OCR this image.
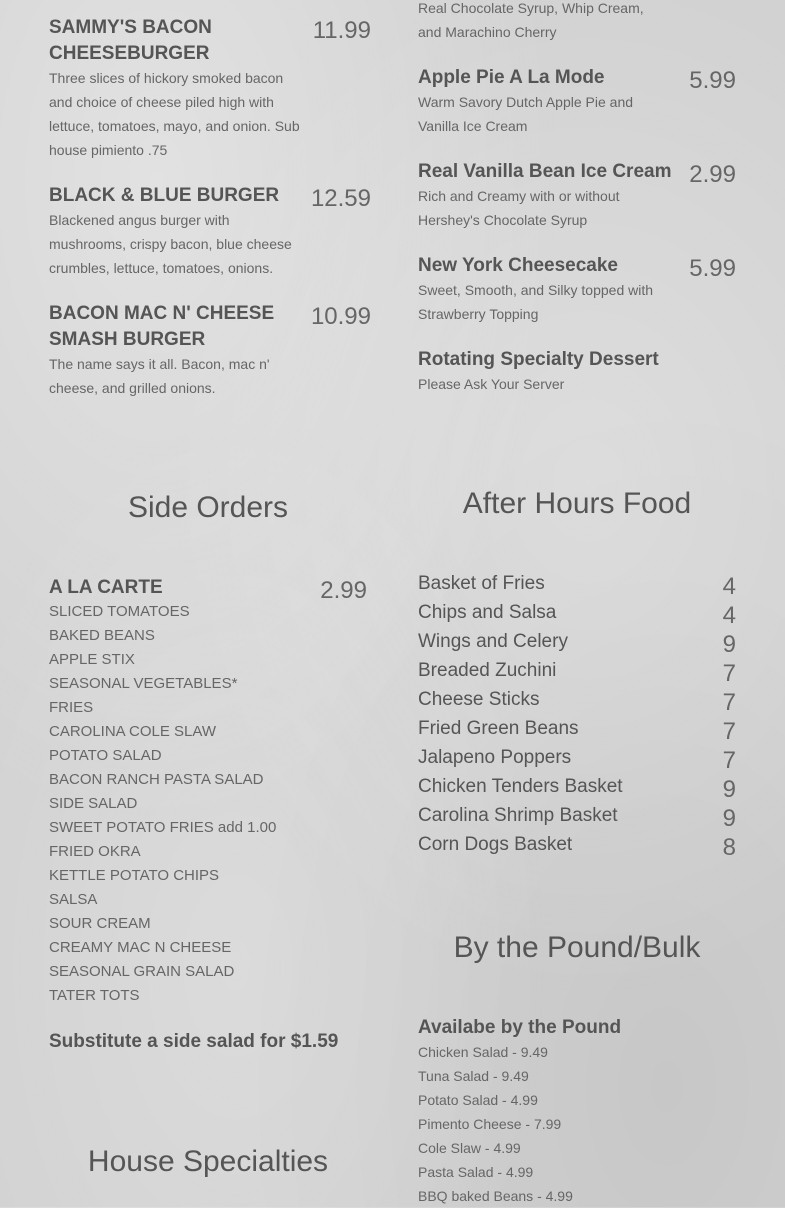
SAMMY'S BACON
CHEESEBURGER
11.99
Three slices of hickory smoked bacon
and choice of cheese piled high with
lettuce, tomatoes, mayo, and onion. Sub
house pimiento .75
BLACK & BLUE BURGER	12.59
Blackened angus burger with
mushrooms, crispy bacon, blue cheese
crumbles, lettuce, tomatoes, onions.
BACON MAC N' CHEESE
SMASH BURGER
10.99
The name says it all. Bacon, mac n'
cheese, and grilled onions.
Side Orders
A LA CARTE	2.99
SLICED TOMATOES
BAKED BEANS
APPLE STIX
SEASONAL VEGETABLES*
FRIES
CAROLINA COLE SLAW
POTATO SALAD
BACON RANCH PASTA SALAD
SIDE SALAD
SWEET POTATO FRIES add 1.00
FRIED OKRA
KETTLE POTATO CHIPS
SALSA
SOUR CREAM
CREAMY MAC N CHEESE
SEASONAL GRAIN SALAD
TATER TOTS
Substitute a side salad for $1.59
House Specialties
Real Chocolate Syrup, Whip Cream,
and Marachino Cherry
Apple Pie A La Mode	5.99
Warm Savory Dutch Apple Pie and
Vanilla Ice Cream
Real Vanilla Bean Ice Cream 2.99
Rich and Creamy with or without
Hershey's Chocolate Syrup
New York Cheesecake	5.99
Sweet, Smooth, and Silky topped with
Strawberry Topping
Rotating Specialty Dessert
Please Ask Your Server
After Hours Food
Basket of Fries	4
Chips and Salsa	4
Wings and Celery	9
Breaded Zuchini	7
Cheese Sticks	7
Fried Green Beans	7
Jalapeno Poppers	7
Chicken Tenders Basket	9
Carolina Shrimp Basket	9
Corn Dogs Basket	8
By the Pound/Bulk
Availabe by the Pound
Chicken Salad - 9.49
Tuna Salad - 9.49
Potato Salad - 4.99
Pimento Cheese - 7.99
Cole Slaw - 4.99
Pasta Salad - 4.99
BBQ baked Beans - 4.99
